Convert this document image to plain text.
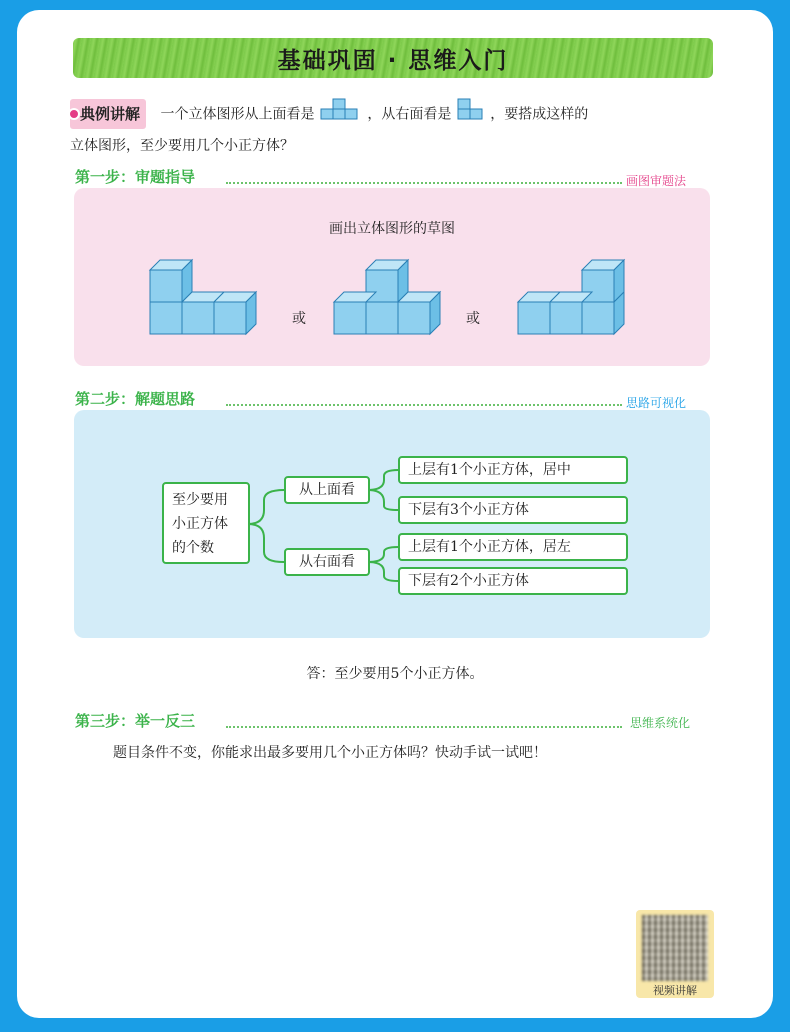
基础巩固 · 思维入门
典例讲解 一个立体图形从上面看是	，从右面看是	，要搭成这样的
立体图形，至少要用几个小正方体？
第一步：审题指导	画图审题法
画出立体图形的草图
或	或
第二步：解题思路	思路可视化
至少要用
小正方体
的个数
从上面看
从右面看
上层有1个小正方体，居中
下层有3个小正方体
上层有1个小正方体，居左
下层有2个小正方体
答：至少要用5个小正方体。
第三步：举一反三	思维系统化
题目条件不变，你能求出最多要用几个小正方体吗？快动手试一试吧！
视频讲解
